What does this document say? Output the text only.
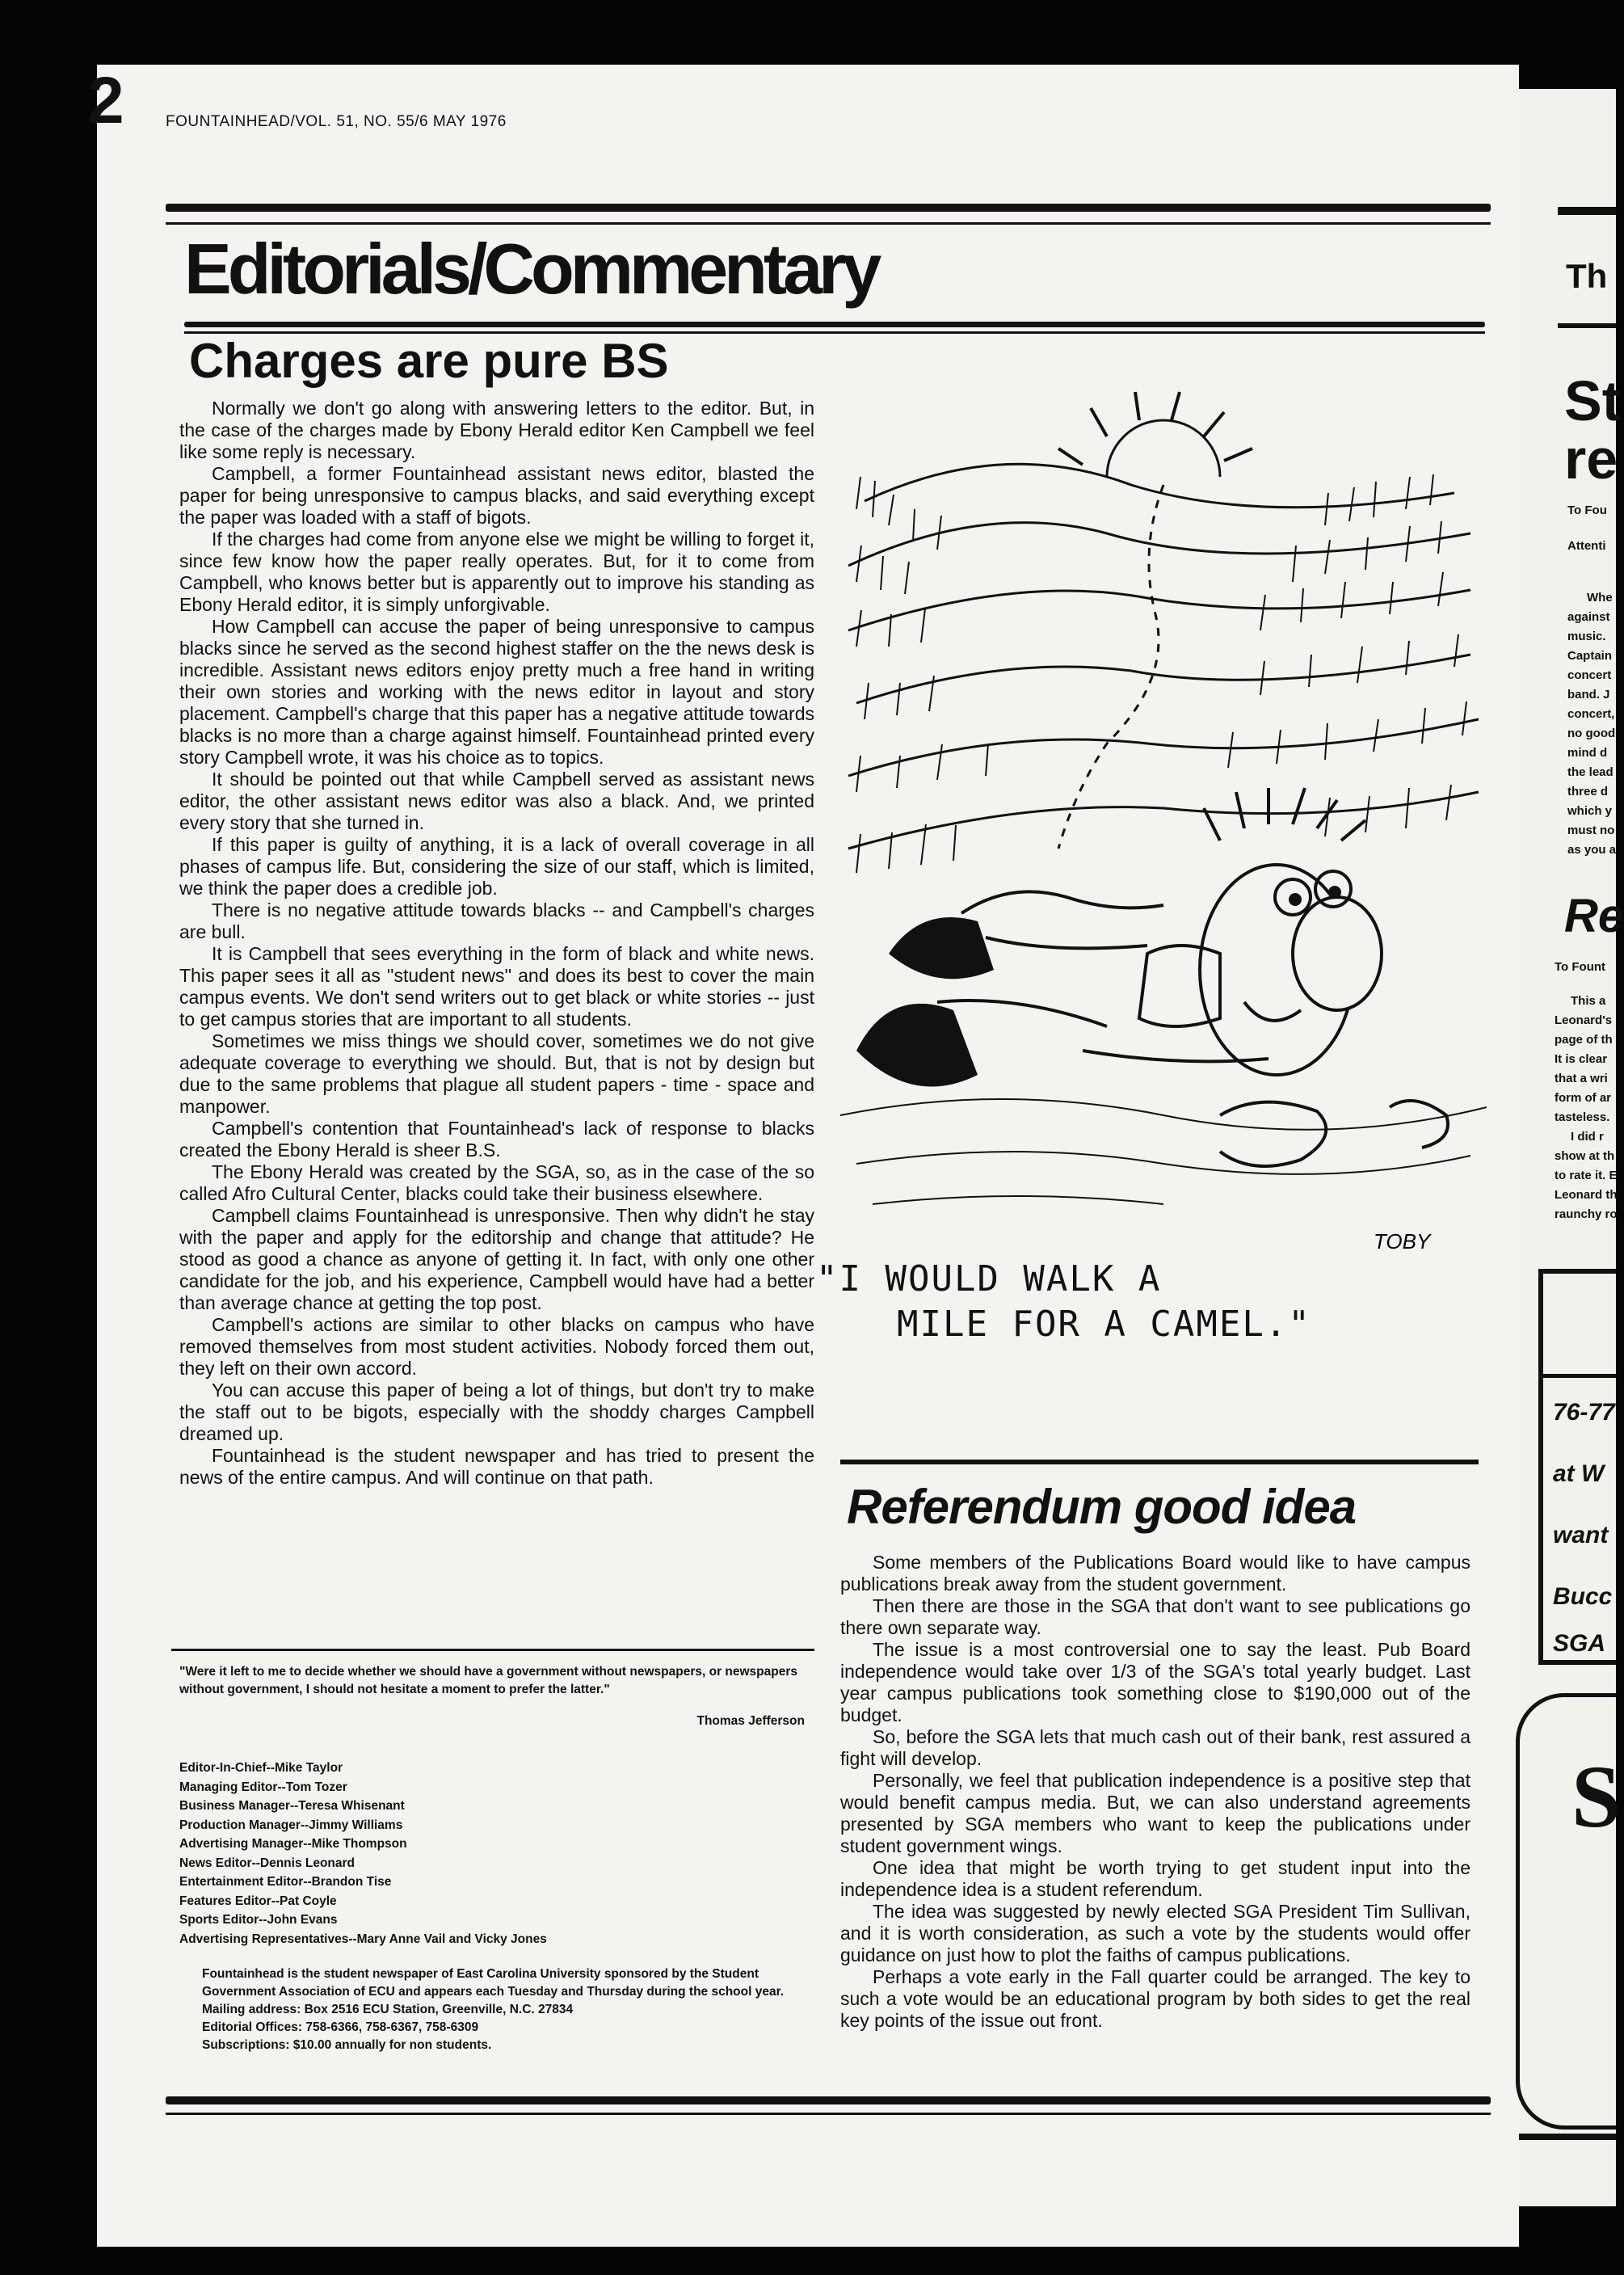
2	FOUNTAINHEAD/VOL. 51, NO. 55/6 MAY 1976
Editorials/Commentary
Charges are pure BS

Normally we don't go along with answering letters to the editor. But, in the case of the charges made by Ebony Herald editor Ken Campbell we feel like some reply is necessary.

Campbell, a former Fountainhead assistant news editor, blasted the paper for being unresponsive to campus blacks, and said everything except the paper was loaded with a staff of bigots.

If the charges had come from anyone else we might be willing to forget it, since few know how the paper really operates. But, for it to come from Campbell, who knows better but is apparently out to improve his standing as Ebony Herald editor, it is simply unforgivable.

How Campbell can accuse the paper of being unresponsive to campus blacks since he served as the second highest staffer on the the news desk is incredible. Assistant news editors enjoy pretty much a free hand in writing their own stories and working with the news editor in layout and story placement. Campbell's charge that this paper has a negative attitude towards blacks is no more than a charge against himself. Fountainhead printed every story Campbell wrote, it was his choice as to topics.

It should be pointed out that while Campbell served as assistant news editor, the other assistant news editor was also a black. And, we printed every story that she turned in.

If this paper is guilty of anything, it is a lack of overall coverage in all phases of campus life. But, considering the size of our staff, which is limited, we think the paper does a credible job.

There is no negative attitude towards blacks -- and Campbell's charges are bull.

It is Campbell that sees everything in the form of black and white news. This paper sees it all as ''student news'' and does its best to cover the main campus events. We don't send writers out to get black or white stories -- just to get campus stories that are important to all students.

Sometimes we miss things we should cover, sometimes we do not give adequate coverage to everything we should. But, that is not by design but due to the same problems that plague all student papers - time - space and manpower.

Campbell's contention that Fountainhead's lack of response to blacks created the Ebony Herald is sheer B.S.

The Ebony Herald was created by the SGA, so, as in the case of the so called Afro Cultural Center, blacks could take their business elsewhere.

Campbell claims Fountainhead is unresponsive. Then why didn't he stay with the paper and apply for the editorship and change that attitude? He stood as good a chance as anyone of getting it. In fact, with only one other candidate for the job, and his experience, Campbell would have had a better than average chance at getting the top post.

Campbell's actions are similar to other blacks on campus who have removed themselves from most student activities. Nobody forced them out, they left on their own accord.

You can accuse this paper of being a lot of things, but don't try to make the staff out to be bigots, especially with the shoddy charges Campbell dreamed up.

Fountainhead is the student newspaper and has tried to present the news of the entire campus. And will continue on that path.

"Were it left to me to decide whether we should have a government without newspapers, or newspapers without government, I should not hesitate a moment to prefer the latter."
Thomas Jefferson
Editor-In-Chief--Mike Taylor
Managing Editor--Tom Tozer
Business Manager--Teresa Whisenant
Production Manager--Jimmy Williams
Advertising Manager--Mike Thompson
News Editor--Dennis Leonard
Entertainment Editor--Brandon Tise
Features Editor--Pat Coyle
Sports Editor--John Evans
Advertising Representatives--Mary Anne Vail and Vicky Jones

Fountainhead is the student newspaper of East Carolina University sponsored by the Student Government Association of ECU and appears each Tuesday and Thursday during the school year.

Mailing address: Box 2516 ECU Station, Greenville, N.C. 27834

Editorial Offices: 758-6366, 758-6367, 758-6309

Subscriptions: $10.00 annually for non students.

TOBY
"I WOULD WALK A
MILE FOR A CAMEL."
Referendum good idea

Some members of the Publications Board would like to have campus publications break away from the student government.

Then there are those in the SGA that don't want to see publications go there own separate way.

The issue is a most controversial one to say the least. Pub Board independence would take over 1/3 of the SGA's total yearly budget. Last year campus publications took something close to $190,000 out of the budget.

So, before the SGA lets that much cash out of their bank, rest assured a fight will develop.

Personally, we feel that publication independence is a positive step that would benefit campus media. But, we can also understand agreements presented by SGA members who want to keep the publications under student government wings.

One idea that might be worth trying to get student input into the independence idea is a student referendum.

The idea was suggested by newly elected SGA President Tim Sullivan, and it is worth consideration, as such a vote by the students would offer guidance on just how to plot the faiths of campus publications.

Perhaps a vote early in the Fall quarter could be arranged. The key to such a vote would be an educational program by both sides to get the real key points of the issue out front.

Th
St
re
To Fou
Attenti
Whe
against
music.
Captain
concert
band. J
concert,
no good
mind d
the lead
three d
which y
must no
as you a
Re
To Fount
This a
Leonard's
page of th
It is clear
that a wri
form of ar
tasteless.
I did r
show at th
to rate it. E
Leonard th
raunchy ro
76-77
at W
want
Bucc
SGA
S
